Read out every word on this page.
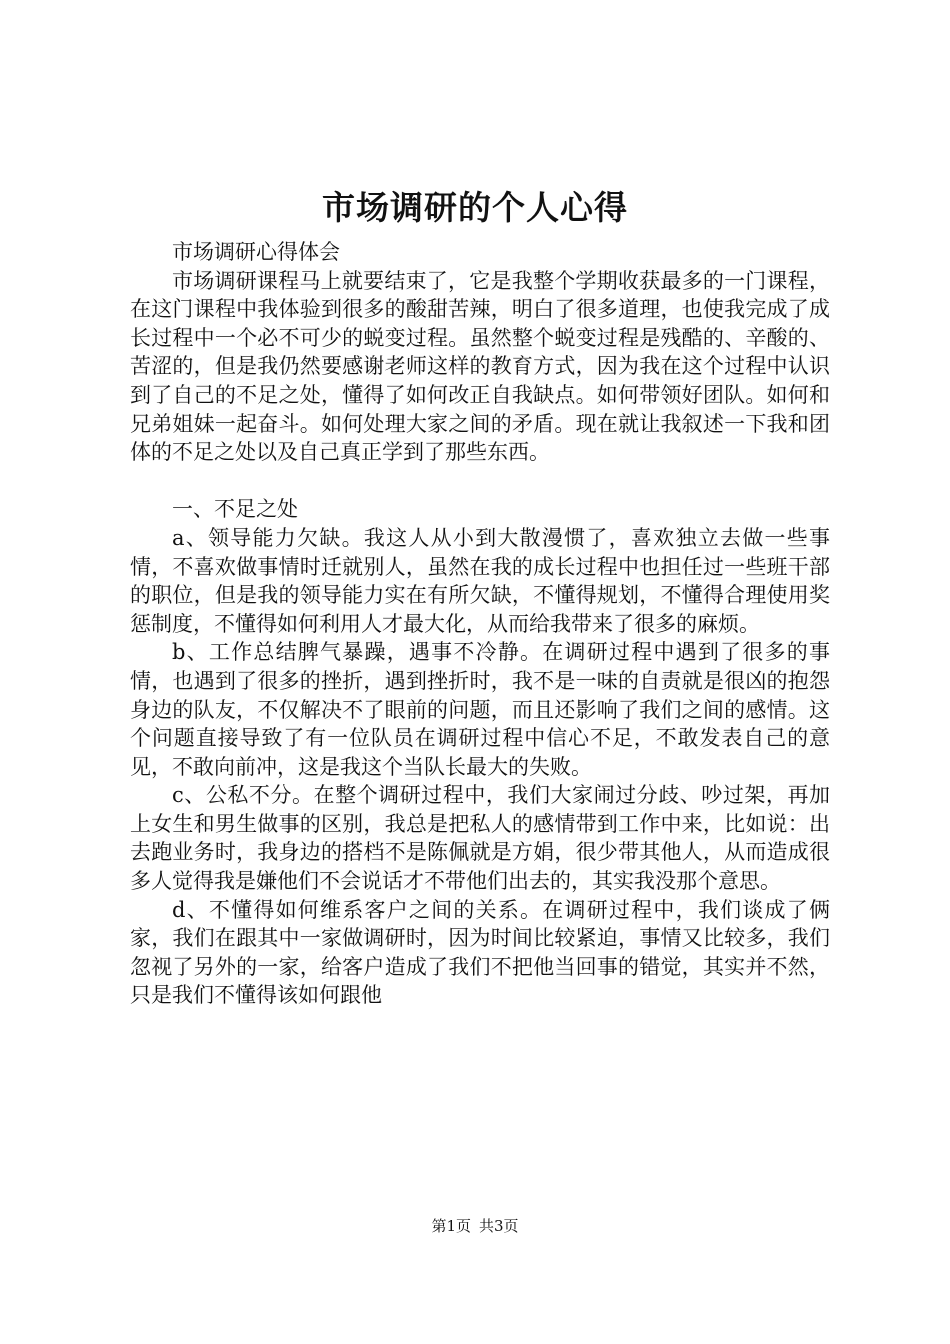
市场调研的个人心得

市场调研心得体会

市场调研课程马上就要结束了，它是我整个学期收获最多的一门课程，在这门课程中我体验到很多的酸甜苦辣，明白了很多道理，也使我完成了成长过程中一个必不可少的蜕变过程。虽然整个蜕变过程是残酷的、辛酸的、苦涩的，但是我仍然要感谢老师这样的教育方式，因为我在这个过程中认识到了自己的不足之处，懂得了如何改正自我缺点。如何带领好团队。如何和兄弟姐妹一起奋斗。如何处理大家之间的矛盾。现在就让我叙述一下我和团体的不足之处以及自己真正学到了那些东西。

一、不足之处

a、领导能力欠缺。我这人从小到大散漫惯了，喜欢独立去做一些事情，不喜欢做事情时迁就别人，虽然在我的成长过程中也担任过一些班干部的职位，但是我的领导能力实在有所欠缺，不懂得规划，不懂得合理使用奖惩制度，不懂得如何利用人才最大化，从而给我带来了很多的麻烦。

b、工作总结脾气暴躁，遇事不冷静。在调研过程中遇到了很多的事情，也遇到了很多的挫折，遇到挫折时，我不是一味的自责就是很凶的抱怨身边的队友，不仅解决不了眼前的问题，而且还影响了我们之间的感情。这个问题直接导致了有一位队员在调研过程中信心不足，不敢发表自己的意见，不敢向前冲，这是我这个当队长最大的失败。

c、公私不分。在整个调研过程中，我们大家闹过分歧、吵过架，再加上女生和男生做事的区别，我总是把私人的感情带到工作中来，比如说：出去跑业务时，我身边的搭档不是陈佩就是方娟，很少带其他人，从而造成很多人觉得我是嫌他们不会说话才不带他们出去的，其实我没那个意思。

d、不懂得如何维系客户之间的关系。在调研过程中，我们谈成了俩家，我们在跟其中一家做调研时，因为时间比较紧迫，事情又比较多，我们忽视了另外的一家，给客户造成了我们不把他当回事的错觉，其实并不然，只是我们不懂得该如何跟他

第1页 共3页
